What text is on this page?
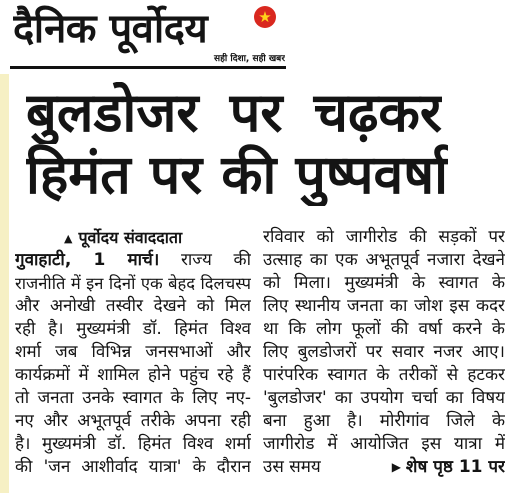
दैनिक पूर्वोदय	★
सही दिशा, सही खबर
बुलडोजर पर चढ़कर
हिमंत पर की पुष्पवर्षा
▲ पूर्वोदय संवाददाता
गुवाहाटी, 1 मार्च। राज्य की
राजनीति में इन दिनों एक बेहद दिलचस्प
और अनोखी तस्वीर देखने को मिल
रही है। मुख्यमंत्री डॉ. हिमंत विश्व
शर्मा जब विभिन्न जनसभाओं और
कार्यक्रमों में शामिल होने पहुंच रहे हैं
तो जनता उनके स्वागत के लिए नए-
नए और अभूतपूर्व तरीके अपना रही
है। मुख्यमंत्री डॉ. हिमंत विश्व शर्मा
की 'जन आशीर्वाद यात्रा' के दौरान
रविवार को जागीरोड की सड़कों पर
उत्साह का एक अभूतपूर्व नजारा देखने
को मिला। मुख्यमंत्री के स्वागत के
लिए स्थानीय जनता का जोश इस कदर
था कि लोग फूलों की वर्षा करने के
लिए बुलडोजरों पर सवार नजर आए।
पारंपरिक स्वागत के तरीकों से हटकर
'बुलडोजर' का उपयोग चर्चा का विषय
बना हुआ है। मोरीगांव जिले के
जागीरोड में आयोजित इस यात्रा में
उस समय	▶ शेष पृष्ठ 11 पर
